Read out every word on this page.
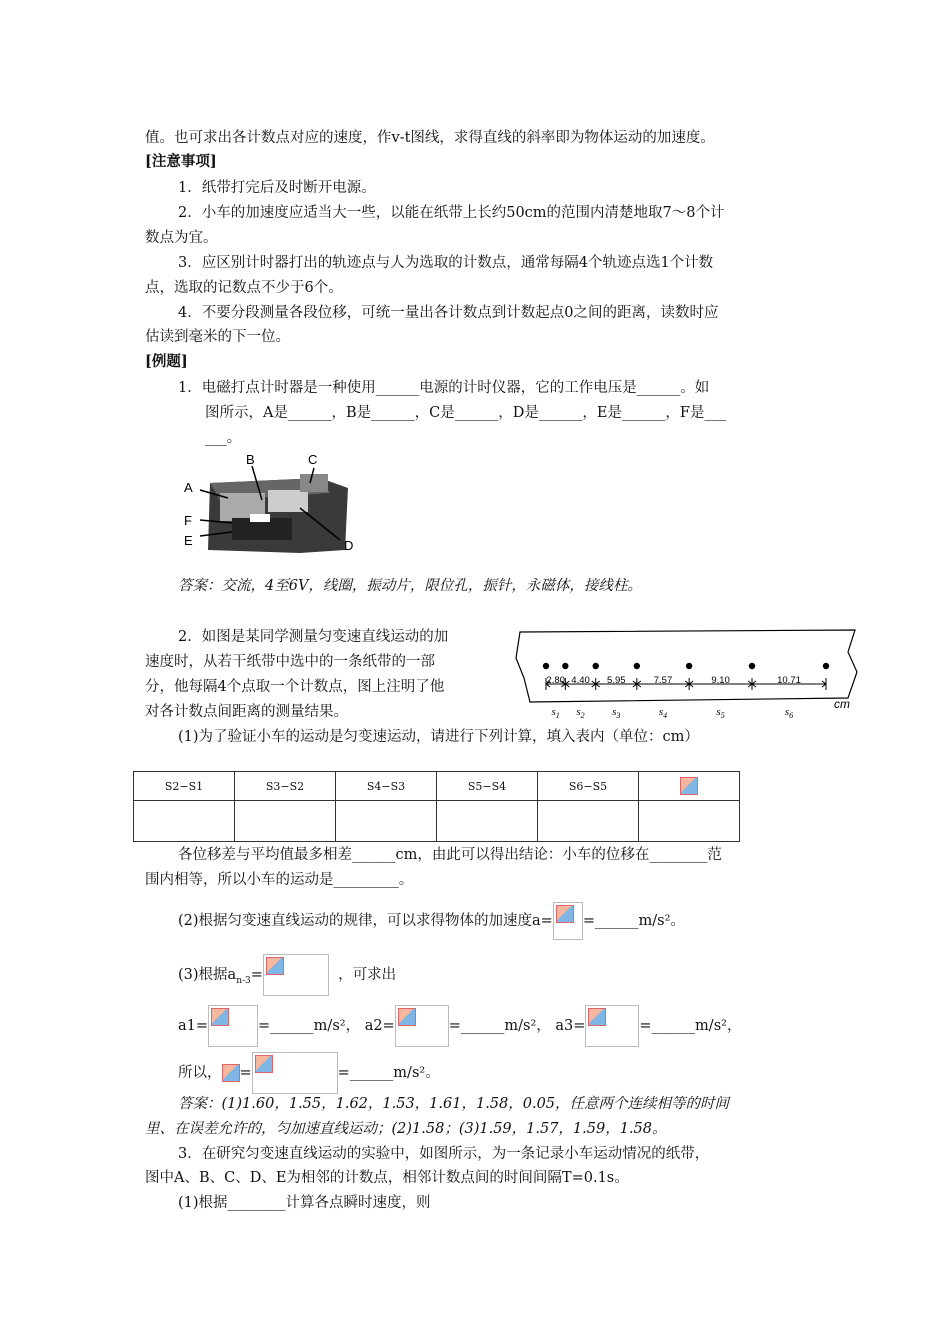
值。也可求出各计数点对应的速度，作v-t图线，求得直线的斜率即为物体运动的加速度。
[注意事项]
1．纸带打完后及时断开电源。
2．小车的加速度应适当大一些，以能在纸带上长约50cm的范围内清楚地取7～8个计
数点为宜。
3．应区别计时器打出的轨迹点与人为选取的计数点，通常每隔4个轨迹点选1个计数
点，选取的记数点不少于6个。
4．不要分段测量各段位移，可统一量出各计数点到计数起点0之间的距离，读数时应
估读到毫米的下一位。
[例题]
1．电磁打点计时器是一种使用______电源的计时仪器，它的工作电压是______。如
图所示，A是______，B是______，C是______，D是______，E是______，F是___
___。
A
B	C
D
E
F
答案：交流，4至6V，线圈，振动片，限位孔，振针，永磁体，接线柱。
2．如图是某同学测量匀变速直线运动的加
速度时，从若干纸带中选中的一条纸带的一部
分，他每隔4个点取一个计数点，图上注明了他
对各计数点间距离的测量结果。
2.80
$s_1$
4.40
$s_2$
5.95
$s_3$
7.57
$s_4$
9.10
$s_5$
10.71
$s_6$
cm
(1)为了验证小车的运动是匀变速运动，请进行下列计算，填入表内（单位：cm）
S2−S1	S3−S2	S4−S3	S5−S4	S6−S5	

各位移差与平均值最多相差______cm，由此可以得出结论：小车的位移在________范
围内相等，所以小车的运动是_________。
(2)根据匀变速直线运动的规律，可以求得物体的加速度a= =______m/s²。
(3)根据$a_{n-3}=$	，可求出
a1=	=______m/s²， a2=	=______m/s²， a3=	=______m/s²，
所以， =	=______m/s²。
答案：(1)1.60，1.55，1.62，1.53，1.61，1.58，0.05，任意两个连续相等的时间
里、在误差允许的，匀加速直线运动；(2)1.58；(3)1.59，1.57，1.59，1.58。
3．在研究匀变速直线运动的实验中，如图所示，为一条记录小车运动情况的纸带，
图中A、B、C、D、E为相邻的计数点，相邻计数点间的时间间隔T=0.1s。
(1)根据________计算各点瞬时速度，则
